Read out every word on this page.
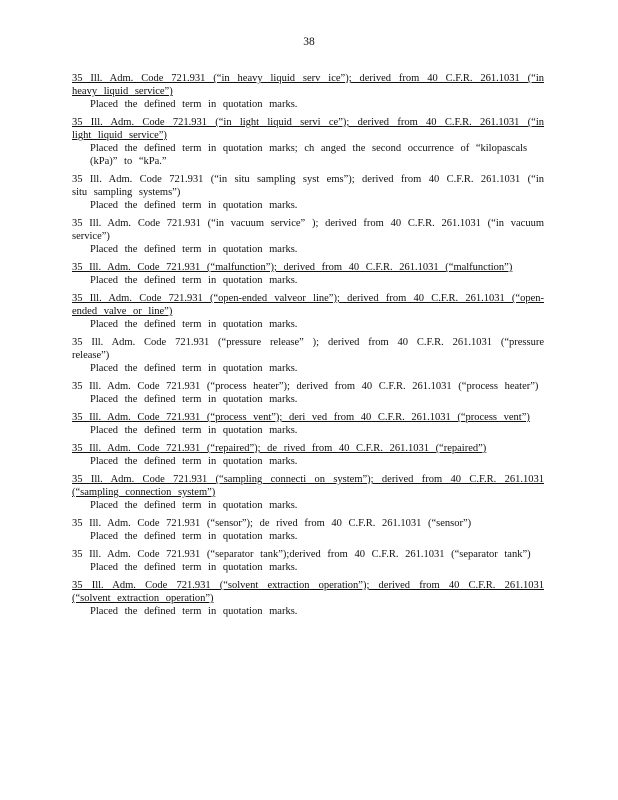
38

35 Ill. Adm. Code 721.931 (“in heavy liquid serv ice”); derived from 40 C.F.R. 261.1031 (“in heavy liquid service”)

Placed the defined term in quotation marks.

35 Ill. Adm. Code 721.931 (“in light liquid servi ce”); derived from 40 C.F.R. 261.1031 (“in light liquid service”)

Placed the defined term in quotation marks; ch anged the second occurrence of “kilopascals (kPa)” to “kPa.”

35 Ill. Adm. Code 721.931 (“in situ sampling syst ems”); derived from 40 C.F.R. 261.1031 (“in situ sampling systems”)

Placed the defined term in quotation marks.

35 Ill. Adm. Code 721.931 (“in vacuum service” ); derived from 40 C.F.R. 261.1031 (“in vacuum service”)

Placed the defined term in quotation marks.

35 Ill. Adm. Code 721.931 (“malfunction”); derived from 40 C.F.R. 261.1031 (“malfunction”)

Placed the defined term in quotation marks.

35 Ill. Adm. Code 721.931 (“open-ended valveor line”); derived from 40 C.F.R. 261.1031 (“open-ended valve or line”)

Placed the defined term in quotation marks.

35 Ill. Adm. Code 721.931 (“pressure release” ); derived from 40 C.F.R. 261.1031 (“pressure release”)

Placed the defined term in quotation marks.

35 Ill. Adm. Code 721.931 (“process heater”); derived from 40 C.F.R. 261.1031 (“process heater”)

Placed the defined term in quotation marks.

35 Ill. Adm. Code 721.931 (“process vent”); deri ved from 40 C.F.R. 261.1031 (“process vent”)

Placed the defined term in quotation marks.

35 Ill. Adm. Code 721.931 (“repaired”); de rived from 40 C.F.R. 261.1031 (“repaired”)

Placed the defined term in quotation marks.

35 Ill. Adm. Code 721.931 (“sampling connecti on system”); derived from 40 C.F.R. 261.1031 (“sampling connection system”)

Placed the defined term in quotation marks.

35 Ill. Adm. Code 721.931 (“sensor”); de rived from 40 C.F.R. 261.1031 (“sensor”)

Placed the defined term in quotation marks.

35 Ill. Adm. Code 721.931 (“separator tank”);derived from 40 C.F.R. 261.1031 (“separator tank”)

Placed the defined term in quotation marks.

35 Ill. Adm. Code 721.931 (“solvent extraction operation”); derived from 40 C.F.R. 261.1031 (“solvent extraction operation”)

Placed the defined term in quotation marks.
